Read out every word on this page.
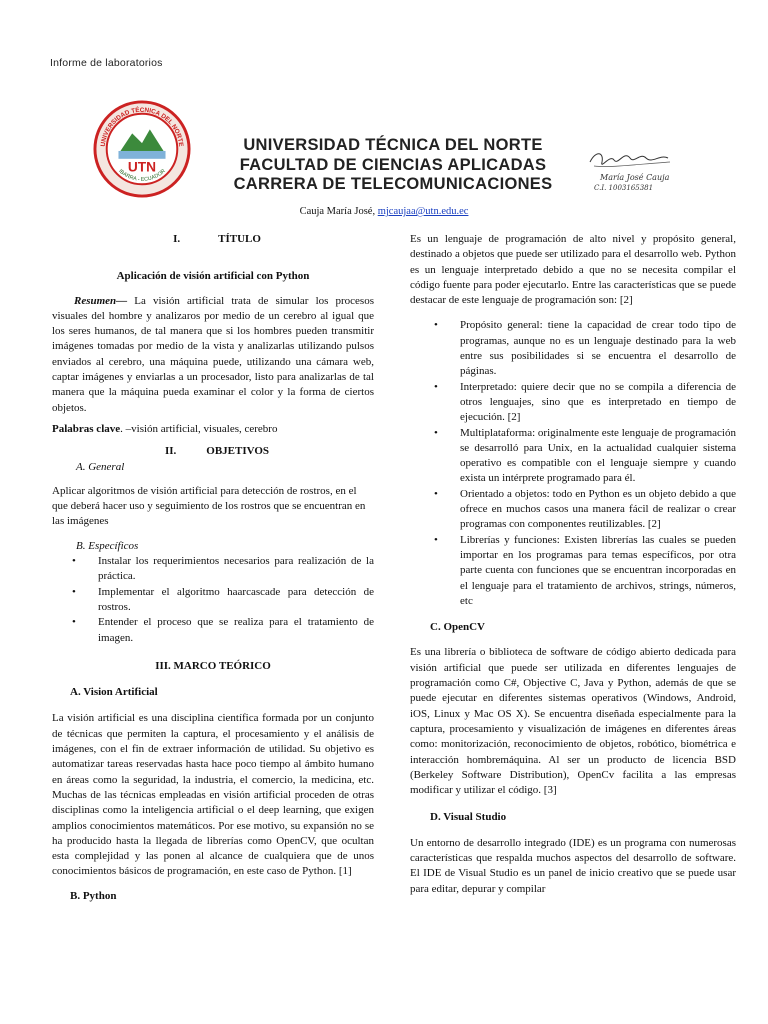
Informe de laboratorios
UTN
UNIVERSIDAD TÉCNICA DEL NORTE
IBARRA - ECUADOR
UNIVERSIDAD TÉCNICA DEL NORTE
FACULTAD DE CIENCIAS APLICADAS
CARRERA DE TELECOMUNICACIONES	María José Cauja
C.I. 1003165381
Cauja María José, mjcaujaa@utn.edu.ec
I.	TÍTULO

Aplicación de visión artificial con Python

Resumen— La visión artificial trata de simular los procesos visuales del hombre y analizaros por medio de un cerebro al igual que los seres humanos, de tal manera que si los hombres pueden transmitir imágenes tomadas por medio de la vista y analizarlas utilizando pulsos enviados al cerebro, una máquina puede, utilizando una cámara web, captar imágenes y enviarlas a un procesador, listo para analizarlas de tal manera que la máquina pueda examinar el color y la forma de ciertos objetos.

Palabras clave. –visión artificial, visuales, cerebro

II.	OBJETIVOS

A. General

Aplicar algoritmos de visión artificial para detección de rostros, en el que deberá hacer uso y seguimiento de los rostros que se encuentran en las imágenes

B. Específicos

• Instalar los requerimientos necesarios para realización de la práctica.
• Implementar el algoritmo haarcascade para detección de rostros.
• Entender el proceso que se realiza para el tratamiento de imagen.

III. MARCO TEÓRICO

A. Vision Artificial

La visión artificial es una disciplina científica formada por un conjunto de técnicas que permiten la captura, el procesamiento y el análisis de imágenes, con el fin de extraer información de utilidad. Su objetivo es automatizar tareas reservadas hasta hace poco tiempo al ámbito humano en áreas como la seguridad, la industria, el comercio, la medicina, etc. Muchas de las técnicas empleadas en visión artificial proceden de otras disciplinas como la inteligencia artificial o el deep learning, que exigen amplios conocimientos matemáticos. Por ese motivo, su expansión no se ha producido hasta la llegada de librerías como OpenCV, que ocultan esta complejidad y las ponen al alcance de cualquiera que de unos conocimientos básicos de programación, en este caso de Python. [1]

B. Python

Es un lenguaje de programación de alto nivel y propósito general, destinado a objetos que puede ser utilizado para el desarrollo web. Python es un lenguaje interpretado debido a que no se necesita compilar el código fuente para poder ejecutarlo. Entre las características que se puede destacar de este lenguaje de programación son: [2]

• Propósito general: tiene la capacidad de crear todo tipo de programas, aunque no es un lenguaje destinado para la web entre sus posibilidades si se encuentra el desarrollo de páginas.
• Interpretado: quiere decir que no se compila a diferencia de otros lenguajes, sino que es interpretado en tiempo de ejecución. [2]
• Multiplataforma: originalmente este lenguaje de programación se desarrolló para Unix, en la actualidad cualquier sistema operativo es compatible con el lenguaje siempre y cuando exista un intérprete programado para él.
• Orientado a objetos: todo en Python es un objeto debido a que ofrece en muchos casos una manera fácil de realizar o crear programas con componentes reutilizables. [2]
• Librerías y funciones: Existen librerías las cuales se pueden importar en los programas para temas específicos, por otra parte cuenta con funciones que se encuentran incorporadas en el lenguaje para el tratamiento de archivos, strings, números, etc

C. OpenCV

Es una librería o biblioteca de software de código abierto dedicada para visión artificial que puede ser utilizada en diferentes lenguajes de programación como C#, Objective C, Java y Python, además de que se puede ejecutar en diferentes sistemas operativos (Windows, Android, iOS, Linux y Mac OS X). Se encuentra diseñada especialmente para la captura, procesamiento y visualización de imágenes en diferentes áreas como: monitorización, reconocimiento de objetos, robótico, biométrica e interacción hombremáquina. Al ser un producto de licencia BSD (Berkeley Software Distribution), OpenCv facilita a las empresas modificar y utilizar el código. [3]

D. Visual Studio

Un entorno de desarrollo integrado (IDE) es un programa con numerosas características que respalda muchos aspectos del desarrollo de software. El IDE de Visual Studio es un panel de inicio creativo que se puede usar para editar, depurar y compilar
